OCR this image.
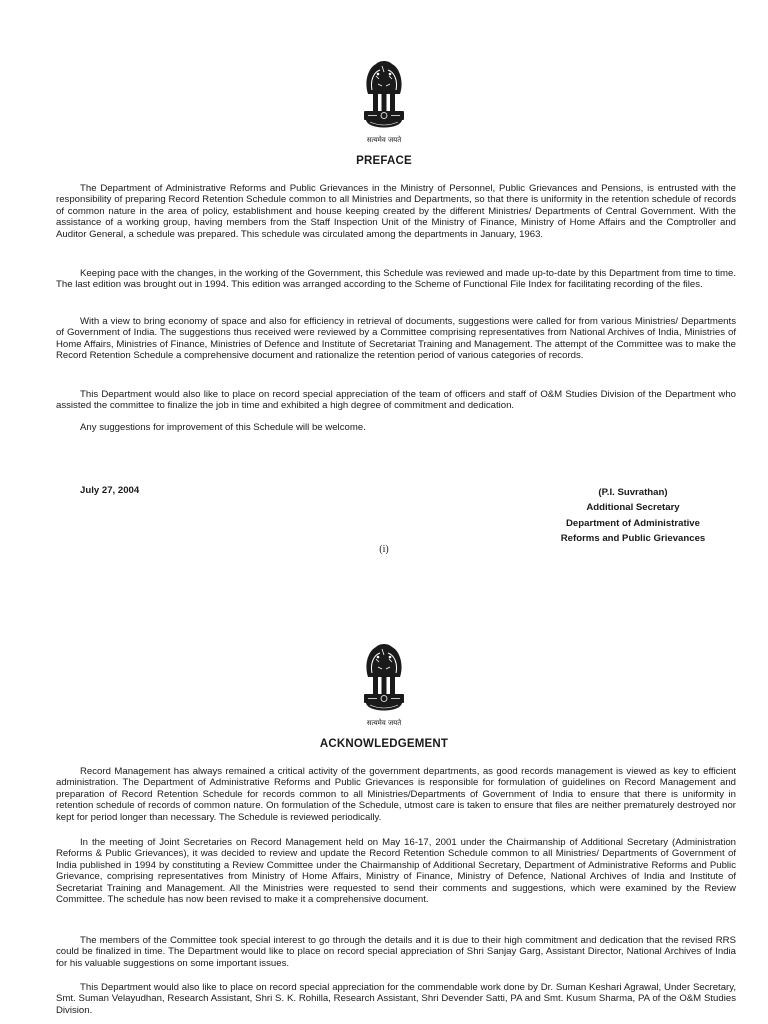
सत्यमेव जयते
PREFACE

The Department of Administrative Reforms and Public Grievances in the Ministry of Personnel, Public Grievances and Pensions, is entrusted with the responsibility of preparing Record Retention Schedule common to all Ministries and Departments, so that there is uniformity in the retention schedule of records of common nature in the area of policy, establishment and house keeping created by the different Ministries/ Departments of Central Government. With the assistance of a working group, having members from the Staff Inspection Unit of the Ministry of Finance, Ministry of Home Affairs and the Comptroller and Auditor General, a schedule was prepared. This schedule was circulated among the departments in January, 1963.

Keeping pace with the changes, in the working of the Government, this Schedule was reviewed and made up-to-date by this Department from time to time. The last edition was brought out in 1994. This edition was arranged according to the Scheme of Functional File Index for facilitating recording of the files.

With a view to bring economy of space and also for efficiency in retrieval of documents, suggestions were called for from various Ministries/ Departments of Government of India. The suggestions thus received were reviewed by a Committee comprising representatives from National Archives of India, Ministries of Home Affairs, Ministries of Finance, Ministries of Defence and Institute of Secretariat Training and Management. The attempt of the Committee was to make the Record Retention Schedule a comprehensive document and rationalize the retention period of various categories of records.

This Department would also like to place on record special appreciation of the team of officers and staff of O&M Studies Division of the Department who assisted the committee to finalize the job in time and exhibited a high degree of commitment and dedication.

Any suggestions for improvement of this Schedule will be welcome.

July 27, 2004	(P.I. Suvrathan)
Additional Secretary
Department of Administrative
Reforms and Public Grievances
(i)
सत्यमेव जयते
ACKNOWLEDGEMENT

Record Management has always remained a critical activity of the government departments, as good records management is viewed as key to efficient administration. The Department of Administrative Reforms and Public Grievances is responsible for formulation of guidelines on Record Management and preparation of Record Retention Schedule for records common to all Ministries/Departments of Government of India to ensure that there is uniformity in retention schedule of records of common nature. On formulation of the Schedule, utmost care is taken to ensure that files are neither prematurely destroyed nor kept for period longer than necessary. The Schedule is reviewed periodically.

In the meeting of Joint Secretaries on Record Management held on May 16-17, 2001 under the Chairmanship of Additional Secretary (Administration Reforms & Public Grievances), it was decided to review and update the Record Retention Schedule common to all Ministries/ Departments of Government of India published in 1994 by constituting a Review Committee under the Chairmanship of Additional Secretary, Department of Administrative Reforms and Public Grievance, comprising representatives from Ministry of Home Affairs, Ministry of Finance, Ministry of Defence, National Archives of India and Institute of Secretariat Training and Management. All the Ministries were requested to send their comments and suggestions, which were examined by the Review Committee. The schedule has now been revised to make it a comprehensive document.

The members of the Committee took special interest to go through the details and it is due to their high commitment and dedication that the revised RRS could be finalized in time. The Department would like to place on record special appreciation of Shri Sanjay Garg, Assistant Director, National Archives of India for his valuable suggestions on some important issues.

This Department would also like to place on record special appreciation for the commendable work done by Dr. Suman Keshari Agrawal, Under Secretary, Smt. Suman Velayudhan, Research Assistant, Shri S. K. Rohilla, Research Assistant, Shri Devender Satti, PA and Smt. Kusum Sharma, PA of the O&M Studies Division.
